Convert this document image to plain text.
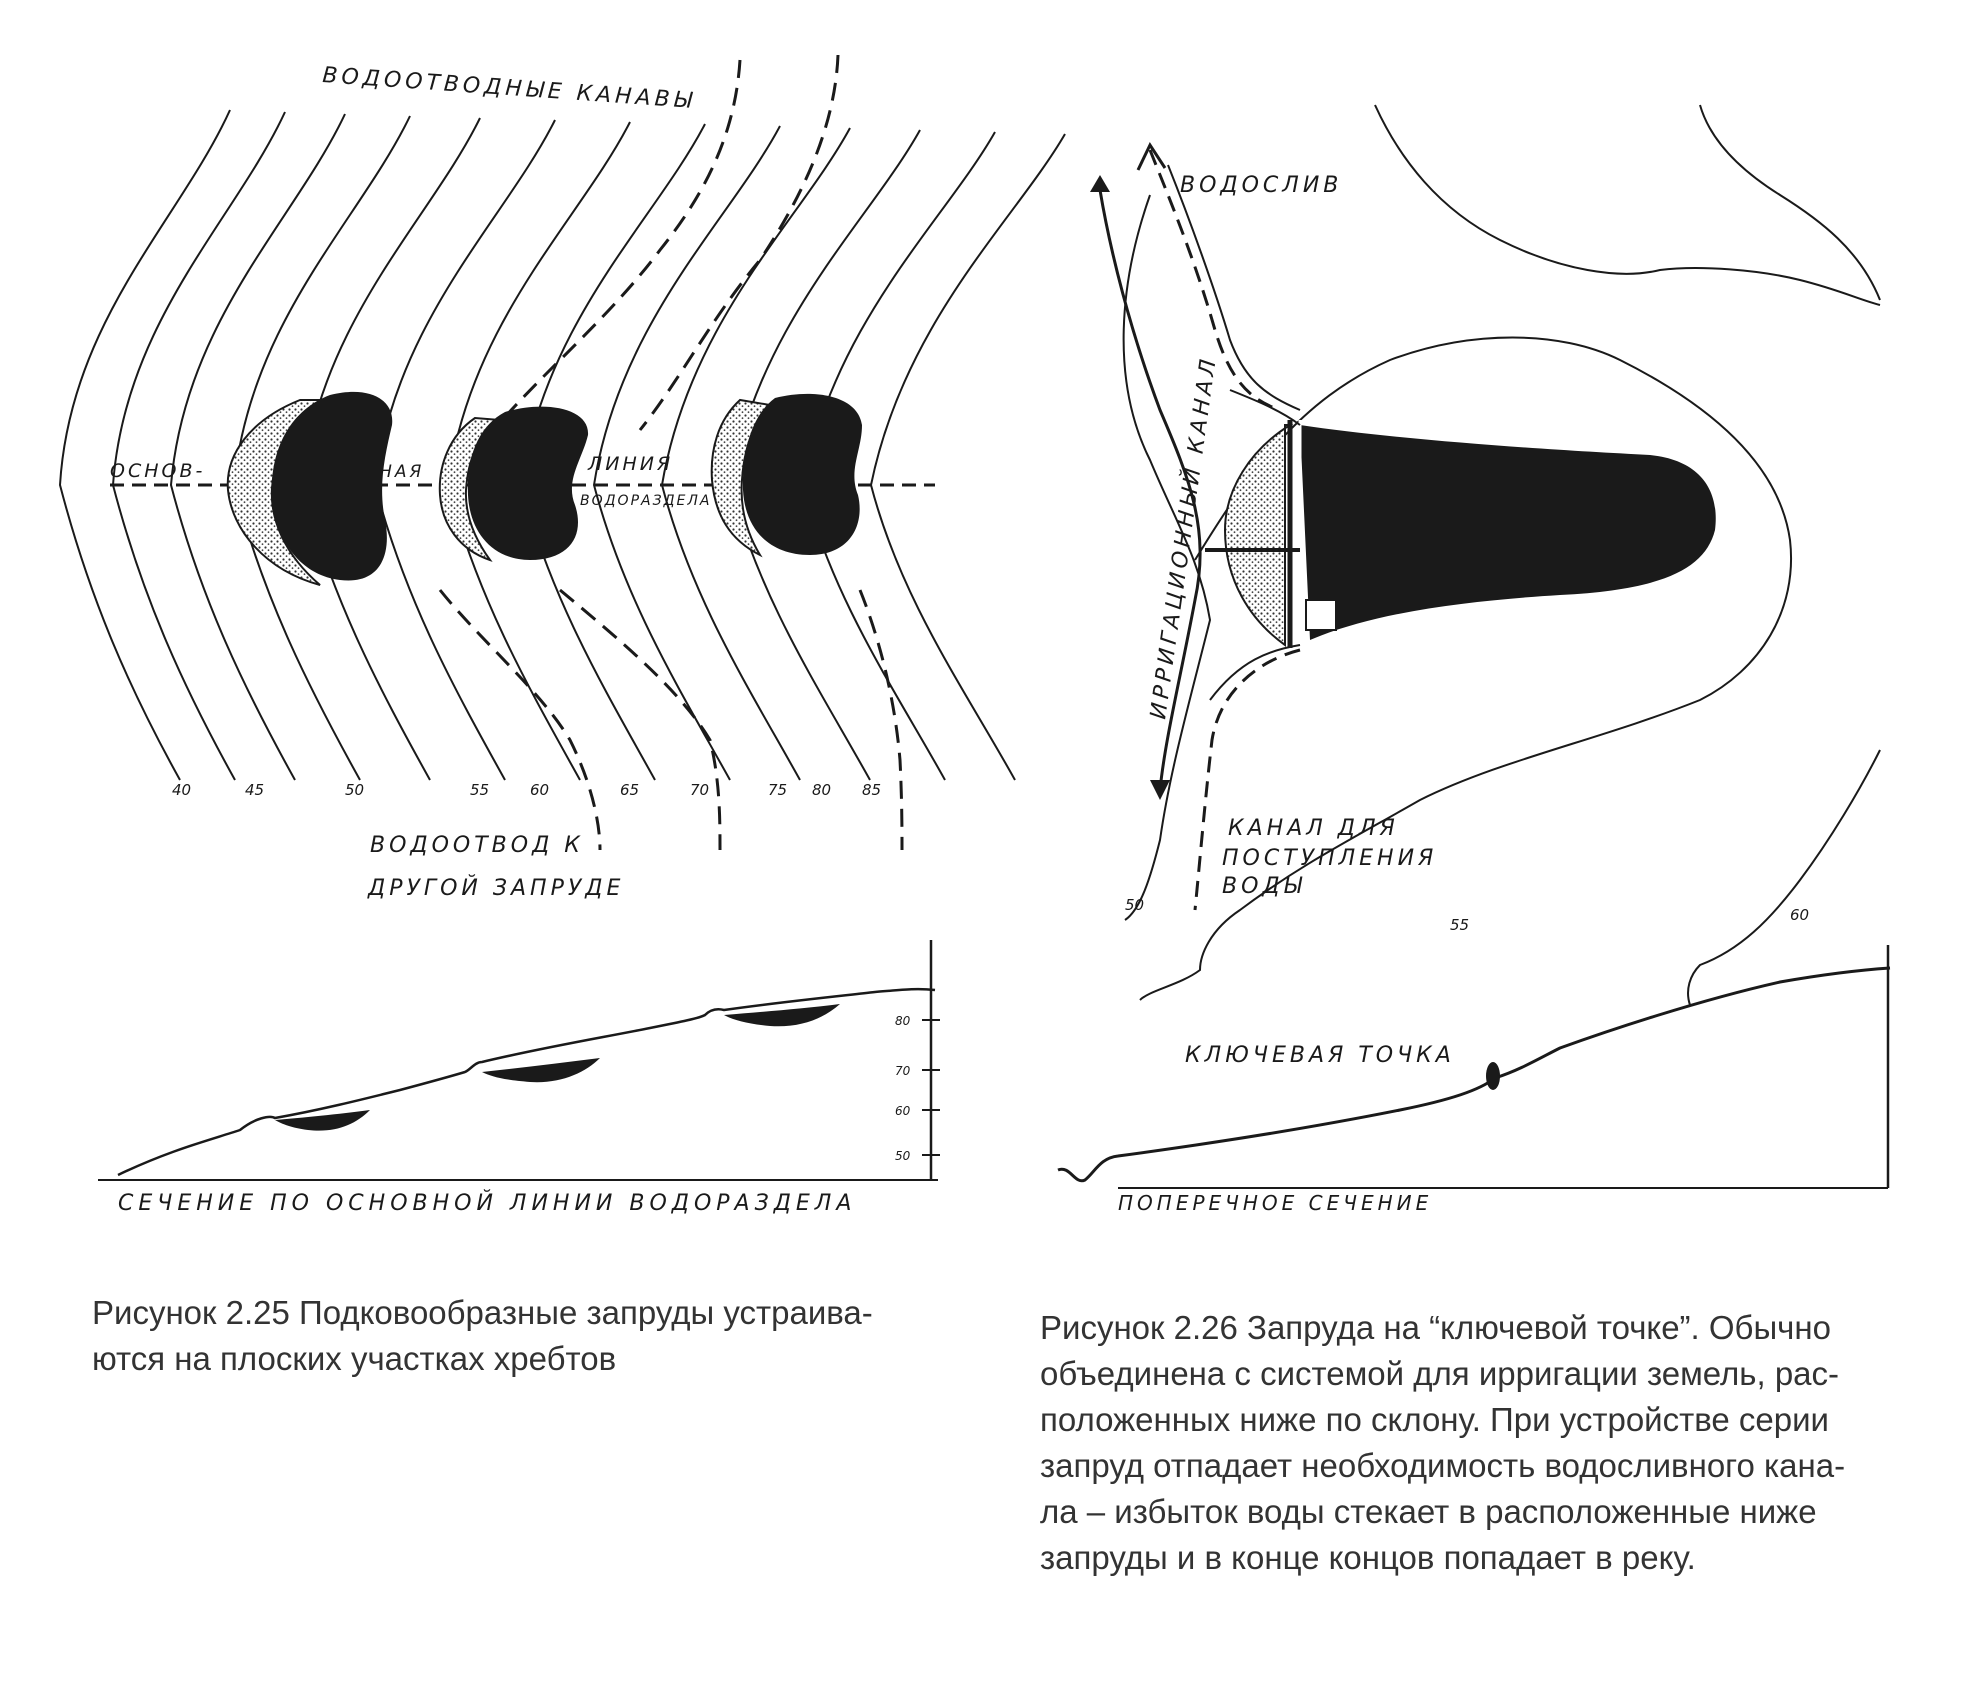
ВОДООТВОДНЫЕ КАНАВЫ
ОСНОВ-	-НАЯ	ЛИНИЯ
ВОДОРАЗДЕЛА
ВОДООТВОД К
ДРУГОЙ ЗАПРУДЕ
40	45	50	55	60	65	70	75 80 85
80
70
60
50
СЕЧЕНИЕ ПО ОСНОВНОЙ ЛИНИИ ВОДОРАЗДЕЛА
ВОДОСЛИВ
ИРРИГАЦИОННЫЙ КАНАЛ
КАНАЛ ДЛЯ
ПОСТУПЛЕНИЯ
ВОДЫ
50
55
60
КЛЮЧЕВАЯ ТОЧКА
ПОПЕРЕЧНОЕ СЕЧЕНИЕ
Рисунок 2.25 Подковообразные запруды устраива-
ются на плоских участках хребтов
Рисунок 2.26 Запруда на “ключевой точке”. Обычно
объединена с системой для ирригации земель, рас-
положенных ниже по склону. При устройстве серии
запруд отпадает необходимость водосливного кана-
ла – избыток воды стекает в расположенные ниже
запруды и в конце концов попадает в реку.
